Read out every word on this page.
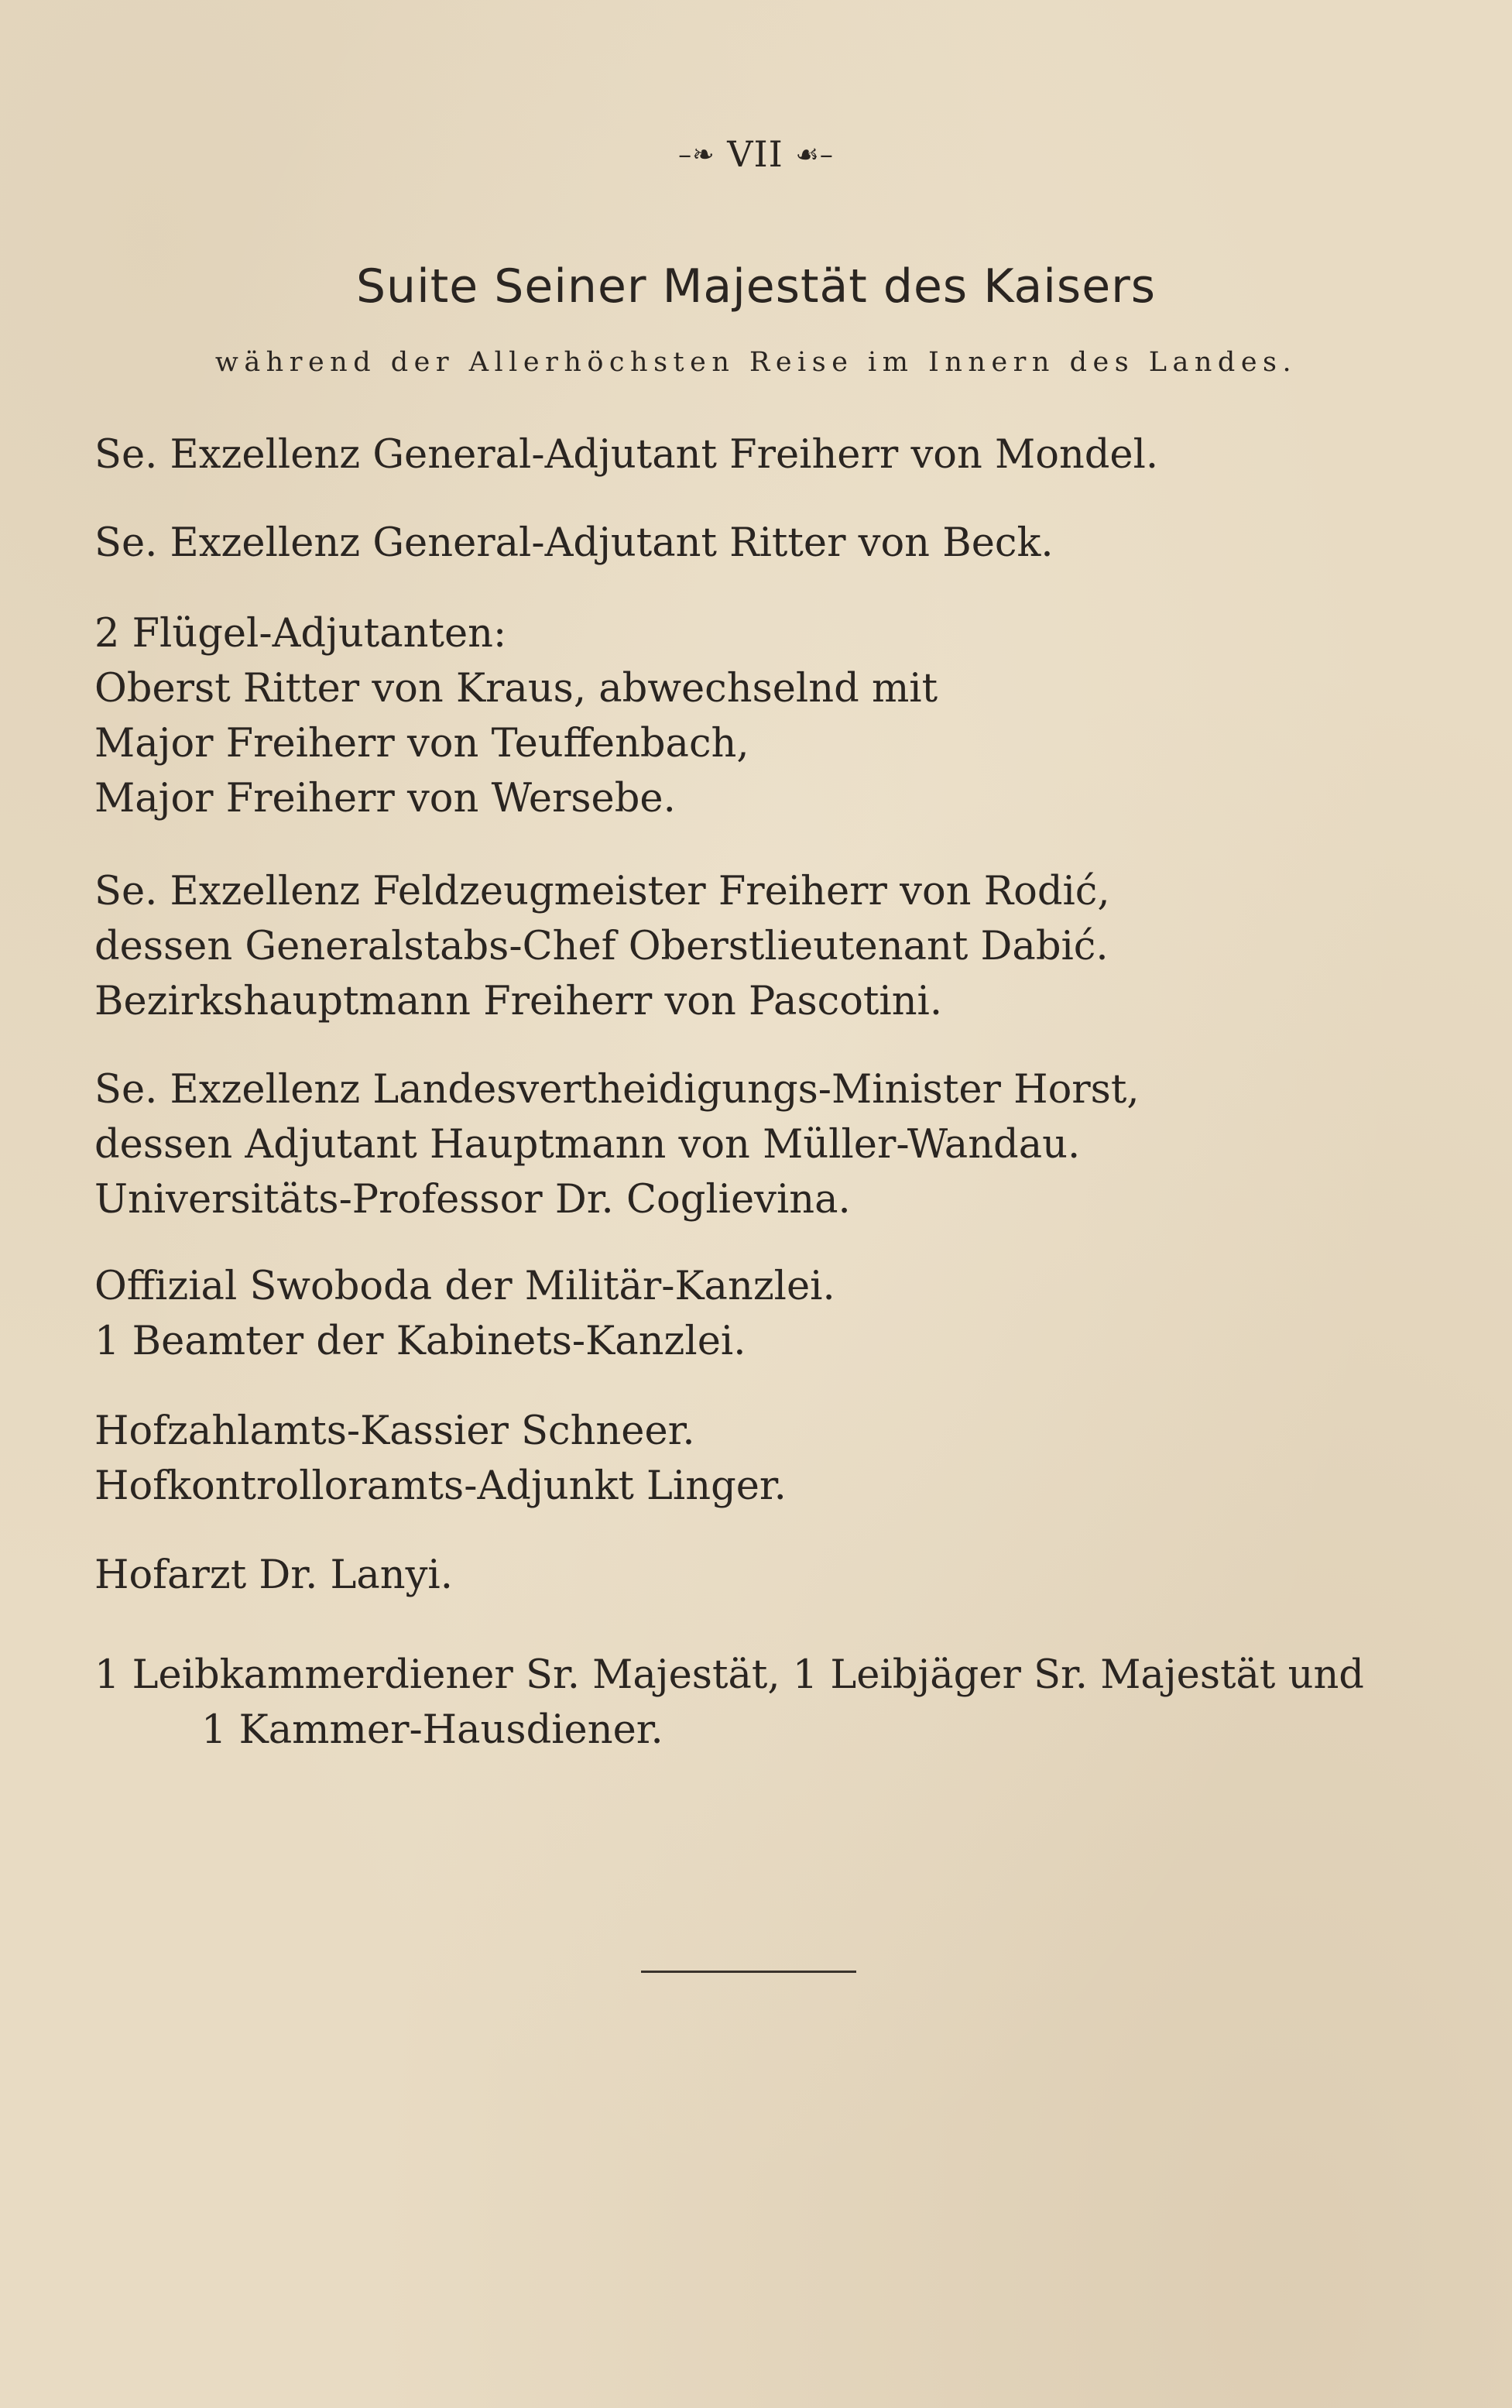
–❧ VII ☙–
Suite Seiner Majestät des Kaisers
während der Allerhöchsten Reise im Innern des Landes.
Se. Exzellenz General-Adjutant Freiherr von Mondel.
Se. Exzellenz General-Adjutant Ritter von Beck.
2 Flügel-Adjutanten:
Oberst Ritter von Kraus, abwechselnd mit
Major Freiherr von Teuffenbach,
Major Freiherr von Wersebe.
Se. Exzellenz Feldzeugmeister Freiherr von Rodić,
dessen Generalstabs-Chef Oberstlieutenant Dabić.
Bezirkshauptmann Freiherr von Pascotini.
Se. Exzellenz Landesvertheidigungs-Minister Horst,
dessen Adjutant Hauptmann von Müller-Wandau.
Universitäts-Professor Dr. Coglievina.
Offizial Swoboda der Militär-Kanzlei.
1 Beamter der Kabinets-Kanzlei.
Hofzahlamts-Kassier Schneer.
Hofkontrolloramts-Adjunkt Linger.
Hofarzt Dr. Lanyi.
1 Leibkammerdiener Sr. Majestät, 1 Leibjäger Sr. Majestät und
1 Kammer-Hausdiener.
